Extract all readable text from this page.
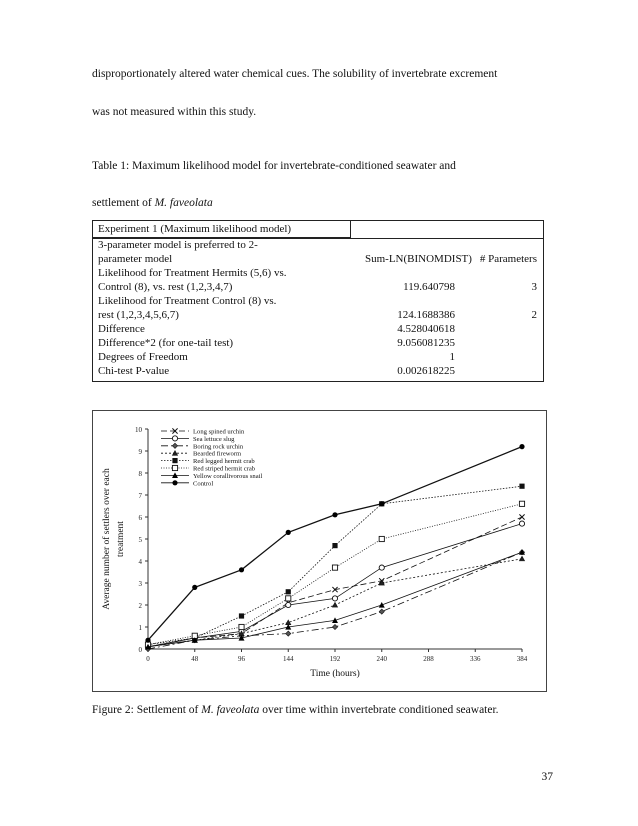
disproportionately altered water chemical cues. The solubility of invertebrate excrement
was not measured within this study.
Table 1: Maximum likelihood model for invertebrate-conditioned seawater and
settlement of M. faveolata
Experiment 1 (Maximum likelihood model)
3-parameter model is preferred to 2-
parameter model	Sum-LN(BINOMDIST) # Parameters
Likelihood for Treatment Hermits (5,6) vs.
Control (8), vs. rest (1,2,3,4,7)	119.640798	3
Likelihood for Treatment Control (8) vs.
rest (1,2,3,4,5,6,7)	124.1688386	2
Difference	4.528040618
Difference*2 (for one-tail test)	9.056081235
Degrees of Freedom	1
Chi-test P-value	0.002618225
0
1
2
3
4
5
6
7
8
9
10
0	48	96	144	192	240	288	336	384
Time (hours)
Average number of settlers over each treatment
Long spined urchin
Sea lettuce slug
Boring rock urchin
Bearded fireworm
Red legged hermit crab
Red striped hermit crab
Yellow corallivorous snail
Control
Figure 2: Settlement of M. faveolata over time within invertebrate conditioned seawater.
37
